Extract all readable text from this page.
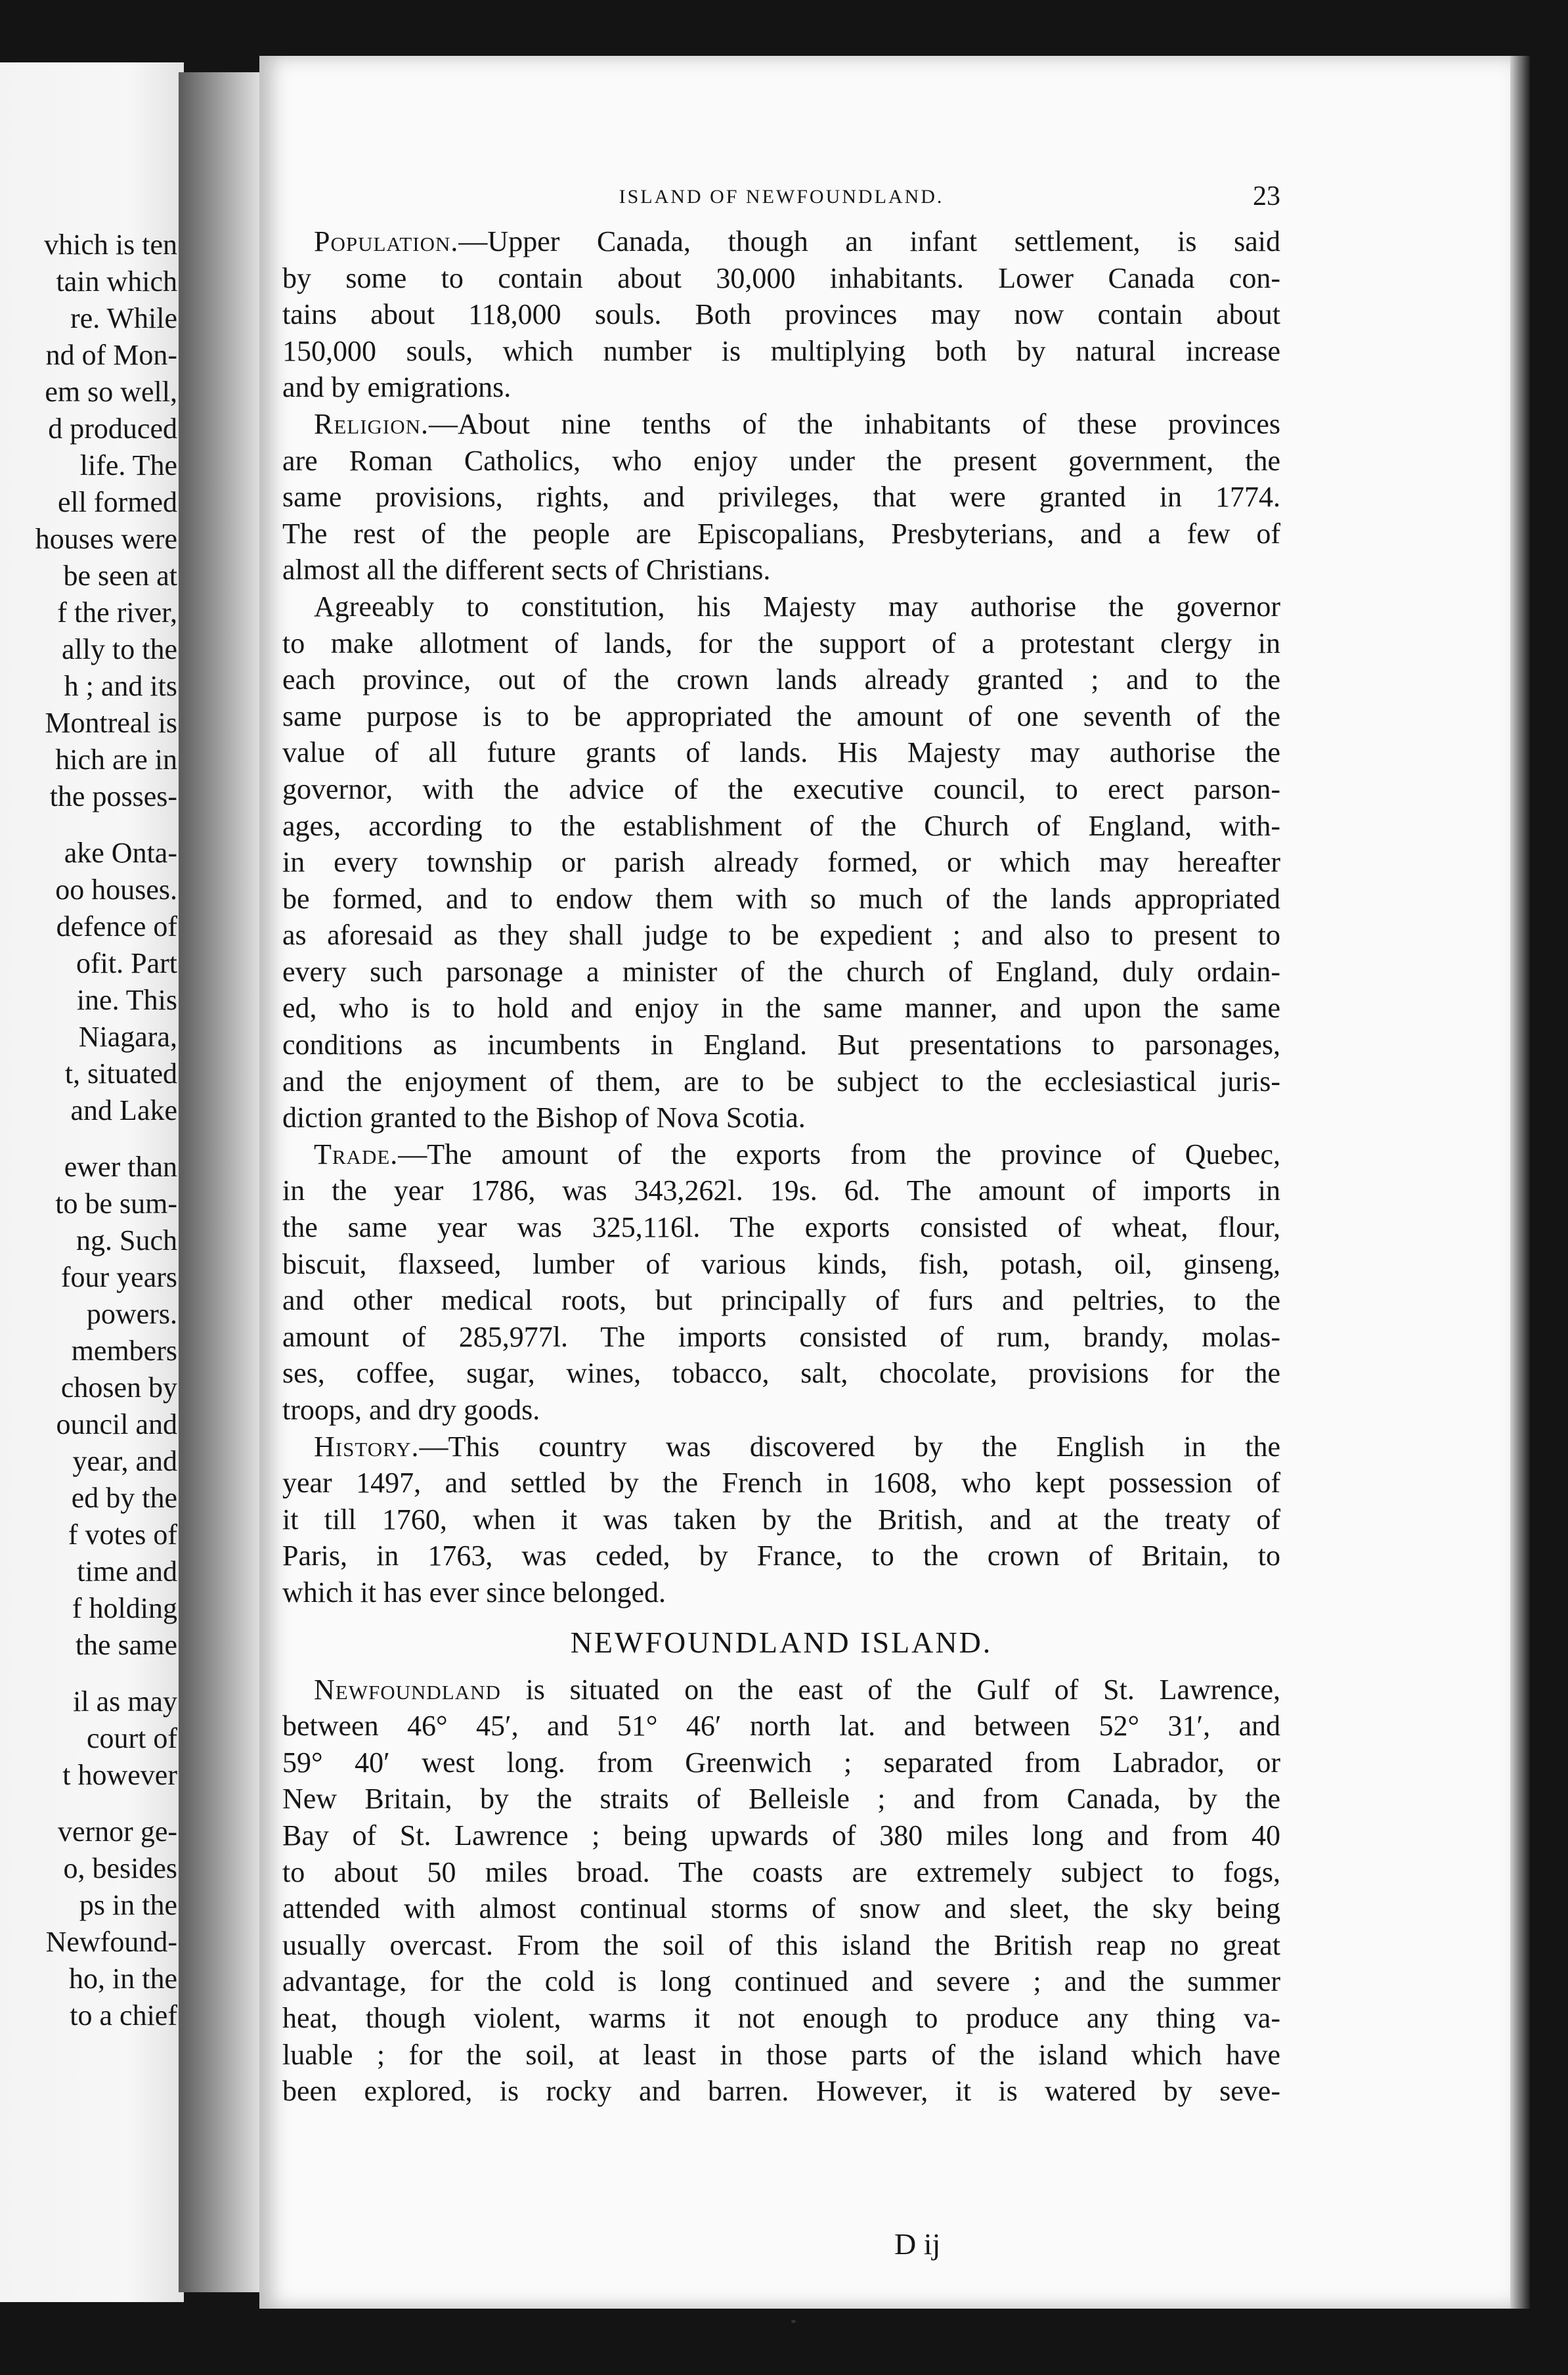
vhich is ten
tain which
re. While
nd of Mon-
em so well,
d produced
life. The
ell formed
houses were
be seen at
f the river,
ally to the
h ; and its
Montreal is
hich are in
the posses-
ake Onta-
oo houses.
defence of
ofit. Part
ine. This
Niagara,
t, situated
and Lake
ewer than
to be sum-
ng. Such
four years
powers.
members
chosen by
ouncil and
year, and
ed by the
f votes of
time and
f holding
the same
il as may
court of
t however
vernor ge-
o, besides
ps in the
Newfound-
ho, in the
to a chief
ISLAND OF NEWFOUNDLAND.	23
Population.—Upper Canada, though an infant settlement, is said
by some to contain about 30,000 inhabitants. Lower Canada con-
tains about 118,000 souls. Both provinces may now contain about
150,000 souls, which number is multiplying both by natural increase
and by emigrations.
Religion.—About nine tenths of the inhabitants of these provinces
are Roman Catholics, who enjoy under the present government, the
same provisions, rights, and privileges, that were granted in 1774.
The rest of the people are Episcopalians, Presbyterians, and a few of
almost all the different sects of Christians.
Agreeably to constitution, his Majesty may authorise the governor
to make allotment of lands, for the support of a protestant clergy in
each province, out of the crown lands already granted ; and to the
same purpose is to be appropriated the amount of one seventh of the
value of all future grants of lands. His Majesty may authorise the
governor, with the advice of the executive council, to erect parson-
ages, according to the establishment of the Church of England, with-
in every township or parish already formed, or which may hereafter
be formed, and to endow them with so much of the lands appropriated
as aforesaid as they shall judge to be expedient ; and also to present to
every such parsonage a minister of the church of England, duly ordain-
ed, who is to hold and enjoy in the same manner, and upon the same
conditions as incumbents in England. But presentations to parsonages,
and the enjoyment of them, are to be subject to the ecclesiastical juris-
diction granted to the Bishop of Nova Scotia.
Trade.—The amount of the exports from the province of Quebec,
in the year 1786, was 343,262l. 19s. 6d. The amount of imports in
the same year was 325,116l. The exports consisted of wheat, flour,
biscuit, flaxseed, lumber of various kinds, fish, potash, oil, ginseng,
and other medical roots, but principally of furs and peltries, to the
amount of 285,977l. The imports consisted of rum, brandy, molas-
ses, coffee, sugar, wines, tobacco, salt, chocolate, provisions for the
troops, and dry goods.
History.—This country was discovered by the English in the
year 1497, and settled by the French in 1608, who kept possession of
it till 1760, when it was taken by the British, and at the treaty of
Paris, in 1763, was ceded, by France, to the crown of Britain, to
which it has ever since belonged.
NEWFOUNDLAND ISLAND.
Newfoundland is situated on the east of the Gulf of St. Lawrence,
between 46° 45′, and 51° 46′ north lat. and between 52° 31′, and
59° 40′ west long. from Greenwich ; separated from Labrador, or
New Britain, by the straits of Belleisle ; and from Canada, by the
Bay of St. Lawrence ; being upwards of 380 miles long and from 40
to about 50 miles broad. The coasts are extremely subject to fogs,
attended with almost continual storms of snow and sleet, the sky being
usually overcast. From the soil of this island the British reap no great
advantage, for the cold is long continued and severe ; and the summer
heat, though violent, warms it not enough to produce any thing va-
luable ; for the soil, at least in those parts of the island which have
been explored, is rocky and barren. However, it is watered by seve-
D ij
